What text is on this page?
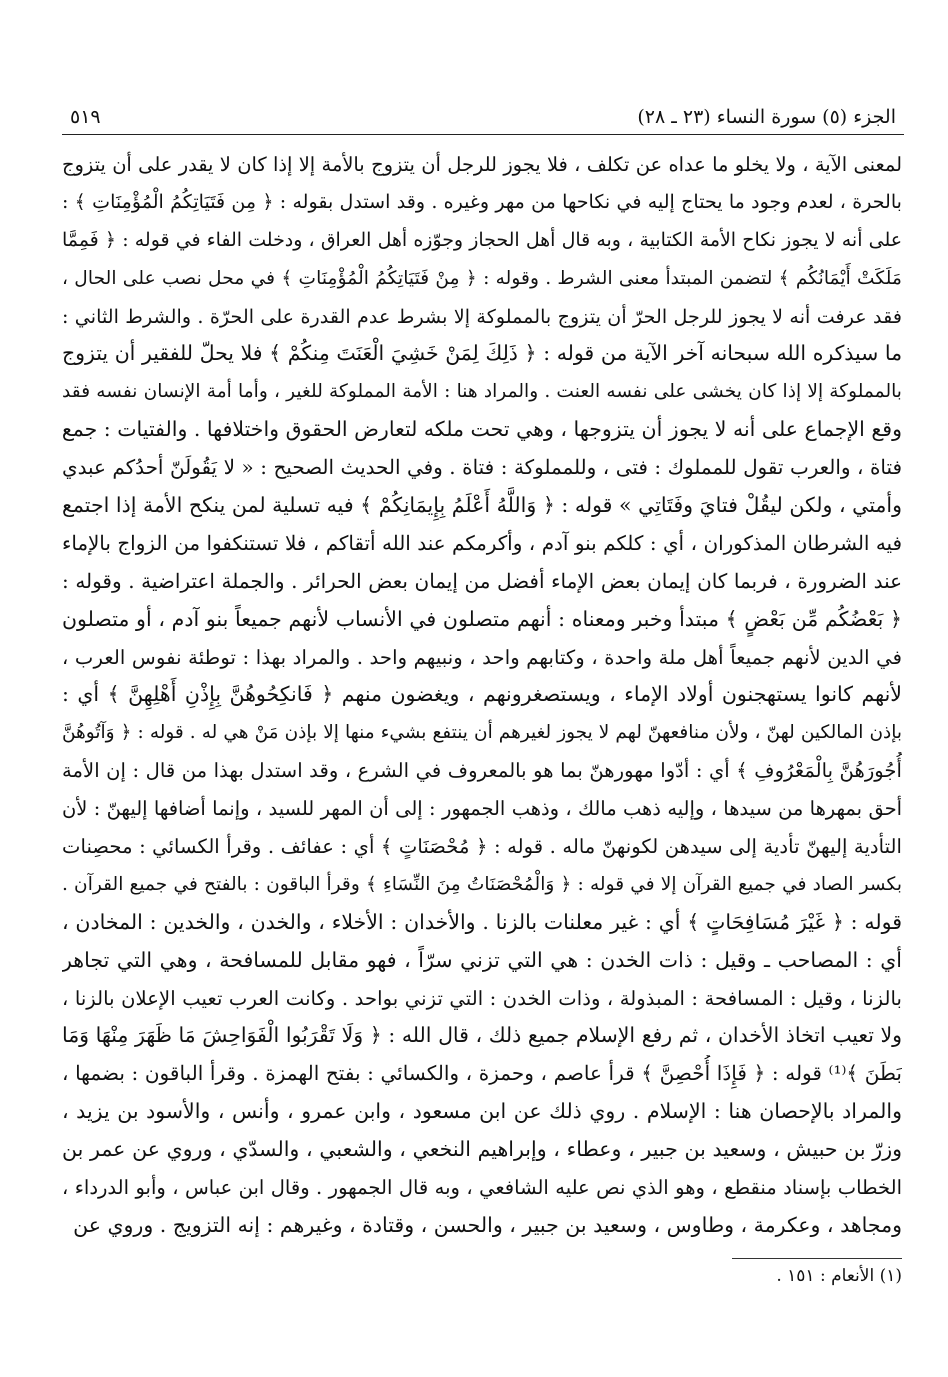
الجزء (٥) سورة النساء (٢٣ ـ ٢٨)
٥١٩
لمعنى الآية ، ولا يخلو ما عداه عن تكلف ، فلا يجوز للرجل أن يتزوج بالأمة إلا إذا كان لا يقدر على أن يتزوج
بالحرة ، لعدم وجود ما يحتاج إليه في نكاحها من مهر وغيره . وقد استدل بقوله : ﴿ مِن فَتَيَاتِكُمُ الْمُؤْمِنَاتِ ﴾ :
على أنه لا يجوز نكاح الأمة الكتابية ، وبه قال أهل الحجاز وجوّزه أهل العراق ، ودخلت الفاء في قوله : ﴿ فَمِمَّا
مَلَكَتْ أَيْمَانُكُم ﴾ لتضمن المبتدأ معنى الشرط . وقوله : ﴿ مِنْ فَتَيَاتِكُمُ الْمُؤْمِنَاتِ ﴾ في محل نصب على الحال ،
فقد عرفت أنه لا يجوز للرجل الحرّ أن يتزوج بالمملوكة إلا بشرط عدم القدرة على الحرّة . والشرط الثاني :
ما سيذكره الله سبحانه آخر الآية من قوله : ﴿ ذَلِكَ لِمَنْ خَشِيَ الْعَنَتَ مِنكُمْ ﴾ فلا يحلّ للفقير أن يتزوج
بالمملوكة إلا إذا كان يخشى على نفسه العنت . والمراد هنا : الأمة المملوكة للغير ، وأما أمة الإنسان نفسه فقد
وقع الإجماع على أنه لا يجوز أن يتزوجها ، وهي تحت ملكه لتعارض الحقوق واختلافها . والفتيات : جمع
فتاة ، والعرب تقول للمملوك : فتى ، وللمملوكة : فتاة . وفي الحديث الصحيح : « لا يَقُولَنّ أحدُكم عبدي
وأمتي ، ولكن ليقُلْ فتايَ وفَتَاتِي » قوله : ﴿ وَاللَّهُ أَعْلَمُ بِإِيمَانِكُمْ ﴾ فيه تسلية لمن ينكح الأمة إذا اجتمع
فيه الشرطان المذكوران ، أي : كلكم بنو آدم ، وأكرمكم عند الله أتقاكم ، فلا تستنكفوا من الزواج بالإماء
عند الضرورة ، فربما كان إيمان بعض الإماء أفضل من إيمان بعض الحرائر . والجملة اعتراضية . وقوله :
﴿ بَعْضُكُم مِّن بَعْضٍ ﴾ مبتدأ وخبر ومعناه : أنهم متصلون في الأنساب لأنهم جميعاً بنو آدم ، أو متصلون
في الدين لأنهم جميعاً أهل ملة واحدة ، وكتابهم واحد ، ونبيهم واحد . والمراد بهذا : توطئة نفوس العرب ،
لأنهم كانوا يستهجنون أولاد الإماء ، ويستصغرونهم ، ويغضون منهم ﴿ فَانكِحُوهُنَّ بِإِذْنِ أَهْلِهِنَّ ﴾ أي :
بإذن المالكين لهنّ ، ولأن منافعهنّ لهم لا يجوز لغيرهم أن ينتفع بشيء منها إلا بإذن مَنْ هي له . قوله : ﴿ وَآتُوهُنَّ
أُجُورَهُنَّ بِالْمَعْرُوفِ ﴾ أي : أدّوا مهورهنّ بما هو بالمعروف في الشرع ، وقد استدل بهذا من قال : إن الأمة
أحق بمهرها من سيدها ، وإليه ذهب مالك ، وذهب الجمهور : إلى أن المهر للسيد ، وإنما أضافها إليهنّ : لأن
التأدية إليهنّ تأدية إلى سيدهن لكونهنّ ماله . قوله : ﴿ مُحْصَنَاتٍ ﴾ أي : عفائف . وقرأ الكسائي : محصِنات
بكسر الصاد في جميع القرآن إلا في قوله : ﴿ وَالْمُحْصَنَاتُ مِنَ النِّسَاءِ ﴾ وقرأ الباقون : بالفتح في جميع القرآن .
قوله : ﴿ غَيْرَ مُسَافِحَاتٍ ﴾ أي : غير معلنات بالزنا . والأخدان : الأخلاء ، والخدن ، والخدين : المخادن ،
أي : المصاحب ـ وقيل : ذات الخدن : هي التي تزني سرّاً ، فهو مقابل للمسافحة ، وهي التي تجاهر
بالزنا ، وقيل : المسافحة : المبذولة ، وذات الخدن : التي تزني بواحد . وكانت العرب تعيب الإعلان بالزنا ،
ولا تعيب اتخاذ الأخدان ، ثم رفع الإسلام جميع ذلك ، قال الله : ﴿ وَلَا تَقْرَبُوا الْفَوَاحِشَ مَا ظَهَرَ مِنْهَا وَمَا
بَطَنَ ﴾⁽¹⁾ قوله : ﴿ فَإِذَا أُحْصِنَّ ﴾ قرأ عاصم ، وحمزة ، والكسائي : بفتح الهمزة . وقرأ الباقون : بضمها ،
والمراد بالإحصان هنا : الإسلام . روي ذلك عن ابن مسعود ، وابن عمرو ، وأنس ، والأسود بن يزيد ،
وزرّ بن حبيش ، وسعيد بن جبير ، وعطاء ، وإبراهيم النخعي ، والشعبي ، والسدّي ، وروي عن عمر بن
الخطاب بإسناد منقطع ، وهو الذي نص عليه الشافعي ، وبه قال الجمهور . وقال ابن عباس ، وأبو الدرداء ،
ومجاهد ، وعكرمة ، وطاوس ، وسعيد بن جبير ، والحسن ، وقتادة ، وغيرهم : إنه التزويج . وروي عن
(١) الأنعام : ١٥١ .
